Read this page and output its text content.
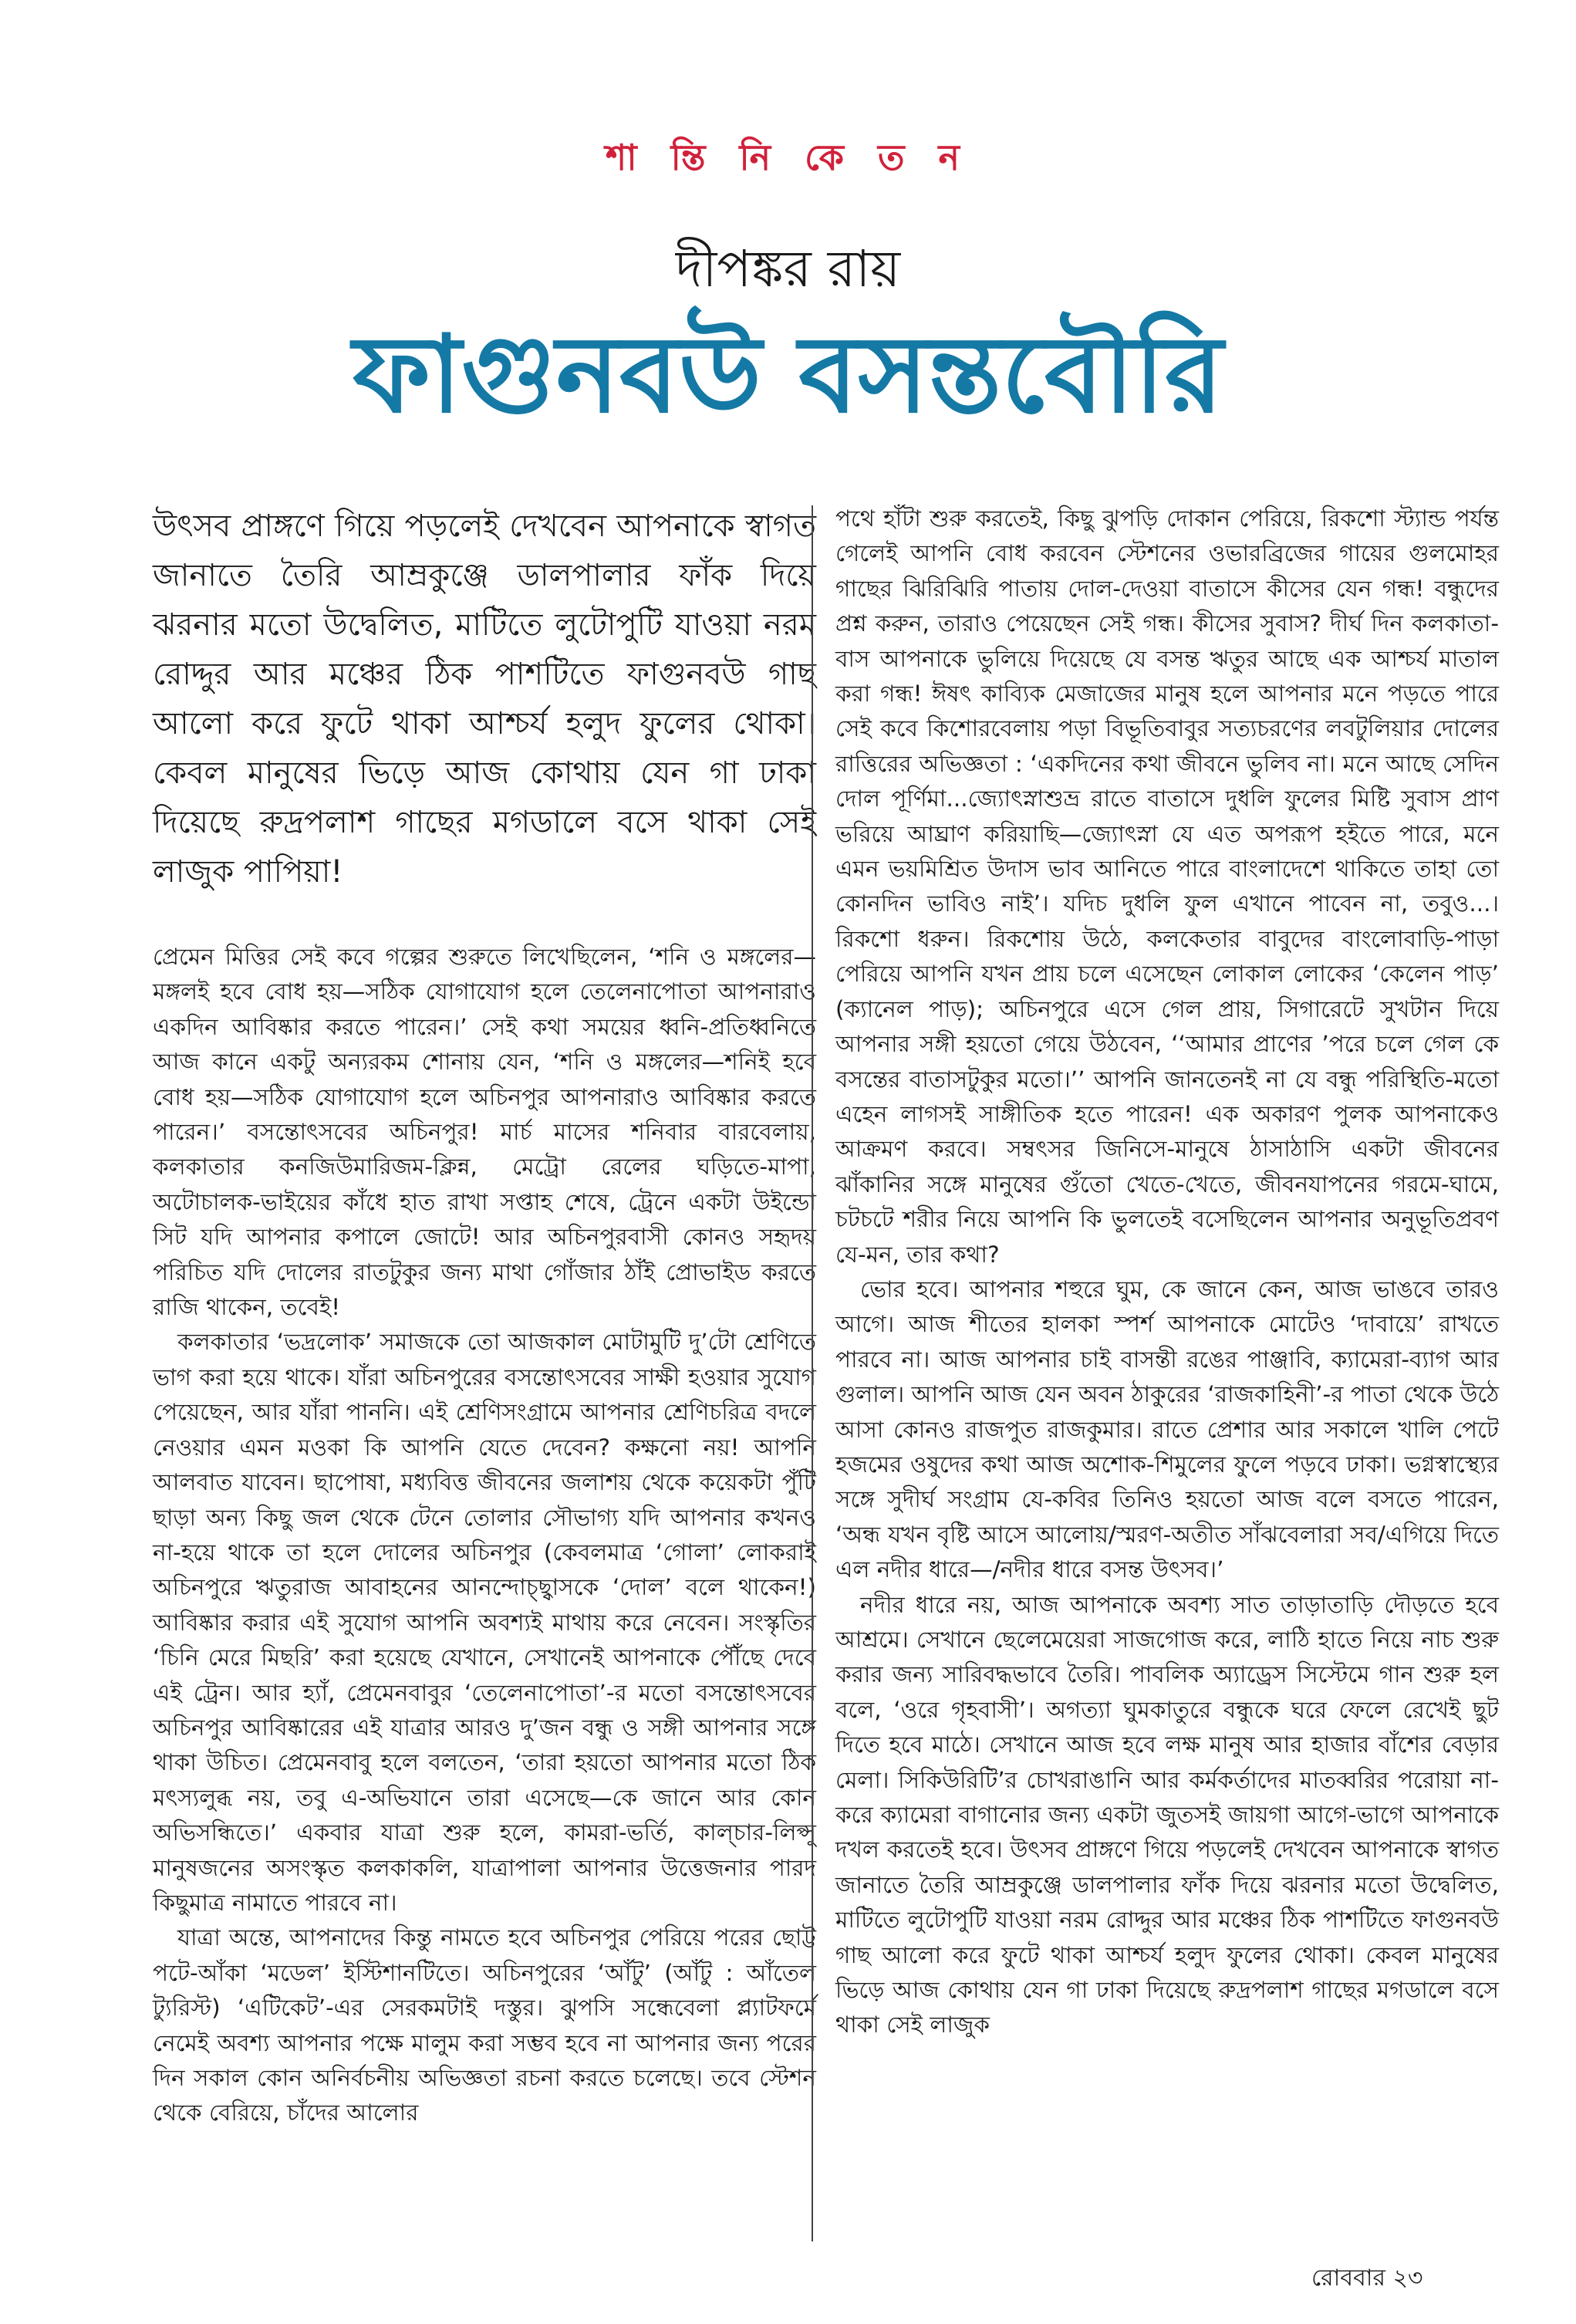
শা ন্তি নি কে ত ন
দীপঙ্কর রায়
ফাগুনবউ বসন্তবৌরি

উৎসব প্রাঙ্গণে গিয়ে পড়লেই দেখবেন আপনাকে স্বাগত জানাতে তৈরি আম্রকুঞ্জে ডালপালার ফাঁক দিয়ে ঝরনার মতো উদ্বেলিত, মাটিতে লুটোপুটি যাওয়া নরম রোদ্দুর আর মঞ্চের ঠিক পাশটিতে ফাগুনবউ গাছ আলো করে ফুটে থাকা আশ্চর্য হলুদ ফুলের থোকা। কেবল মানুষের ভিড়ে আজ কোথায় যেন গা ঢাকা দিয়েছে রুদ্রপলাশ গাছের মগডালে বসে থাকা সেই লাজুক পাপিয়া!

প্রেমেন মিত্তির সেই কবে গল্পের শুরুতে লিখেছিলেন, ‘শনি ও মঙ্গলের—মঙ্গলই হবে বোধ হয়—সঠিক যোগাযোগ হলে তেলেনাপোতা আপনারাও একদিন আবিষ্কার করতে পারেন।’ সেই কথা সময়ের ধ্বনি-প্রতিধ্বনিতে আজ কানে একটু অন্যরকম শোনায় যেন, ‘শনি ও মঙ্গলের—শনিই হবে বোধ হয়—সঠিক যোগাযোগ হলে অচিনপুর আপনারাও আবিষ্কার করতে পারেন।’ বসন্তোৎসবের অচিনপুর! মার্চ মাসের শনিবার বারবেলায়, কলকাতার কনজিউমারিজম-ক্লিন্ন, মেট্রো রেলের ঘড়িতে-মাপা, অটোচালক-ভাইয়ের কাঁধে হাত রাখা সপ্তাহ শেষে, ট্রেনে একটা উইন্ডো সিট যদি আপনার কপালে জোটে! আর অচিনপুরবাসী কোনও সহৃদয় পরিচিত যদি দোলের রাতটুকুর জন্য মাথা গোঁজার ঠাঁই প্রোভাইড করতে রাজি থাকেন, তবেই!

কলকাতার ‘ভদ্রলোক’ সমাজকে তো আজকাল মোটামুটি দু’টো শ্রেণিতে ভাগ করা হয়ে থাকে। যাঁরা অচিনপুরের বসন্তোৎসবের সাক্ষী হওয়ার সুযোগ পেয়েছেন, আর যাঁরা পাননি। এই শ্রেণিসংগ্রামে আপনার শ্রেণিচরিত্র বদলে নেওয়ার এমন মওকা কি আপনি যেতে দেবেন? কক্ষনো নয়! আপনি আলবাত যাবেন। ছাপোষা, মধ্যবিত্ত জীবনের জলাশয় থেকে কয়েকটা পুঁটি ছাড়া অন্য কিছু জল থেকে টেনে তোলার সৌভাগ্য যদি আপনার কখনও না-হয়ে থাকে তা হলে দোলের অচিনপুর (কেবলমাত্র ‘গোলা’ লোকরাই অচিনপুরে ঋতুরাজ আবাহনের আনন্দোচ্ছ্বাসকে ‘দোল’ বলে থাকেন!) আবিষ্কার করার এই সুযোগ আপনি অবশ্যই মাথায় করে নেবেন। সংস্কৃতির ‘চিনি মেরে মিছরি’ করা হয়েছে যেখানে, সেখানেই আপনাকে পৌঁছে দেবে এই ট্রেন। আর হ্যাঁ, প্রেমেনবাবুর ‘তেলেনাপোতা’-র মতো বসন্তোৎসবের অচিনপুর আবিষ্কারের এই যাত্রার আরও দু’জন বন্ধু ও সঙ্গী আপনার সঙ্গে থাকা উচিত। প্রেমেনবাবু হলে বলতেন, ‘তারা হয়তো আপনার মতো ঠিক মৎস্যলুব্ধ নয়, তবু এ-অভিযানে তারা এসেছে—কে জানে আর কোন অভিসন্ধিতে।’ একবার যাত্রা শুরু হলে, কামরা-ভর্তি, কাল্চার-লিপ্সু মানুষজনের অসংস্কৃত কলকাকলি, যাত্রাপালা আপনার উত্তেজনার পারদ কিছুমাত্র নামাতে পারবে না।

যাত্রা অন্তে, আপনাদের কিন্তু নামতে হবে অচিনপুর পেরিয়ে পরের ছোট্ট পটে-আঁকা ‘মডেল’ ইস্টিশানটিতে। অচিনপুরের ‘আঁটু’ (আঁটু : আঁতেল ট্যুরিস্ট) ‘এটিকেট’-এর সেরকমটাই দস্তুর। ঝুপসি সন্ধেবেলা প্ল্যাটফর্মে নেমেই অবশ্য আপনার পক্ষে মালুম করা সম্ভব হবে না আপনার জন্য পরের দিন সকাল কোন অনির্বচনীয় অভিজ্ঞতা রচনা করতে চলেছে। তবে স্টেশন থেকে বেরিয়ে, চাঁদের আলোর

পথে হাঁটা শুরু করতেই, কিছু ঝুপড়ি দোকান পেরিয়ে, রিকশো স্ট্যান্ড পর্যন্ত গেলেই আপনি বোধ করবেন স্টেশনের ওভারব্রিজের গায়ের গুলমোহর গাছের ঝিরিঝিরি পাতায় দোল-দেওয়া বাতাসে কীসের যেন গন্ধ! বন্ধুদের প্রশ্ন করুন, তারাও পেয়েছেন সেই গন্ধ। কীসের সুবাস? দীর্ঘ দিন কলকাতা-বাস আপনাকে ভুলিয়ে দিয়েছে যে বসন্ত ঋতুর আছে এক আশ্চর্য মাতাল করা গন্ধ! ঈষৎ কাব্যিক মেজাজের মানুষ হলে আপনার মনে পড়তে পারে সেই কবে কিশোরবেলায় পড়া বিভূতিবাবুর সত্যচরণের লবটুলিয়ার দোলের রাত্তিরের অভিজ্ঞতা : ‘একদিনের কথা জীবনে ভুলিব না। মনে আছে সেদিন দোল পূর্ণিমা...জ্যোৎস্নাশুভ্র রাতে বাতাসে দুধলি ফুলের মিষ্টি সুবাস প্রাণ ভরিয়ে আঘ্রাণ করিয়াছি—জ্যোৎস্না যে এত অপরূপ হইতে পারে, মনে এমন ভয়মিশ্রিত উদাস ভাব আনিতে পারে বাংলাদেশে থাকিতে তাহা তো কোনদিন ভাবিও নাই’। যদিচ দুধলি ফুল এখানে পাবেন না, তবুও...। রিকশো ধরুন। রিকশোয় উঠে, কলকেতার বাবুদের বাংলোবাড়ি-পাড়া পেরিয়ে আপনি যখন প্রায় চলে এসেছেন লোকাল লোকের ‘কেলেন পাড়’ (ক্যানেল পাড়); অচিনপুরে এসে গেল প্রায়, সিগারেটে সুখটান দিয়ে আপনার সঙ্গী হয়তো গেয়ে উঠবেন, ‘‘আমার প্রাণের ’পরে চলে গেল কে বসন্তের বাতাসটুকুর মতো।’’ আপনি জানতেনই না যে বন্ধু পরিস্থিতি-মতো এহেন লাগসই সাঙ্গীতিক হতে পারেন! এক অকারণ পুলক আপনাকেও আক্রমণ করবে। সম্বৎসর জিনিসে-মানুষে ঠাসাঠাসি একটা জীবনের ঝাঁকানির সঙ্গে মানুষের গুঁতো খেতে-খেতে, জীবনযাপনের গরমে-ঘামে, চটচটে শরীর নিয়ে আপনি কি ভুলতেই বসেছিলেন আপনার অনুভূতিপ্রবণ যে-মন, তার কথা?

ভোর হবে। আপনার শহুরে ঘুম, কে জানে কেন, আজ ভাঙবে তারও আগে। আজ শীতের হালকা স্পর্শ আপনাকে মোটেও ‘দাবায়ে’ রাখতে পারবে না। আজ আপনার চাই বাসন্তী রঙের পাঞ্জাবি, ক্যামেরা-ব্যাগ আর গুলাল। আপনি আজ যেন অবন ঠাকুরের ‘রাজকাহিনী’-র পাতা থেকে উঠে আসা কোনও রাজপুত রাজকুমার। রাতে প্রেশার আর সকালে খালি পেটে হজমের ওষুদের কথা আজ অশোক-শিমুলের ফুলে পড়বে ঢাকা। ভগ্নস্বাস্থ্যের সঙ্গে সুদীর্ঘ সংগ্রাম যে-কবির তিনিও হয়তো আজ বলে বসতে পারেন, ‘অন্ধ যখন বৃষ্টি আসে আলোয়/স্মরণ-অতীত সাঁঝবেলারা সব/এগিয়ে দিতে এল নদীর ধারে—/নদীর ধারে বসন্ত উৎসব।’

নদীর ধারে নয়, আজ আপনাকে অবশ্য সাত তাড়াতাড়ি দৌড়তে হবে আশ্রমে। সেখানে ছেলেমেয়েরা সাজগোজ করে, লাঠি হাতে নিয়ে নাচ শুরু করার জন্য সারিবদ্ধভাবে তৈরি। পাবলিক অ্যাড্রেস সিস্টেমে গান শুরু হল বলে, ‘ওরে গৃহবাসী’। অগত্যা ঘুমকাতুরে বন্ধুকে ঘরে ফেলে রেখেই ছুট দিতে হবে মাঠে। সেখানে আজ হবে লক্ষ মানুষ আর হাজার বাঁশের বেড়ার মেলা। সিকিউরিটি’র চোখরাঙানি আর কর্মকর্তাদের মাতব্বরির পরোয়া না-করে ক্যামেরা বাগানোর জন্য একটা জুতসই জায়গা আগে-ভাগে আপনাকে দখল করতেই হবে। উৎসব প্রাঙ্গণে গিয়ে পড়লেই দেখবেন আপনাকে স্বাগত জানাতে তৈরি আম্রকুঞ্জে ডালপালার ফাঁক দিয়ে ঝরনার মতো উদ্বেলিত, মাটিতে লুটোপুটি যাওয়া নরম রোদ্দুর আর মঞ্চের ঠিক পাশটিতে ফাগুনবউ গাছ আলো করে ফুটে থাকা আশ্চর্য হলুদ ফুলের থোকা। কেবল মানুষের ভিড়ে আজ কোথায় যেন গা ঢাকা দিয়েছে রুদ্রপলাশ গাছের মগডালে বসে থাকা সেই লাজুক

রোববার ২৩
